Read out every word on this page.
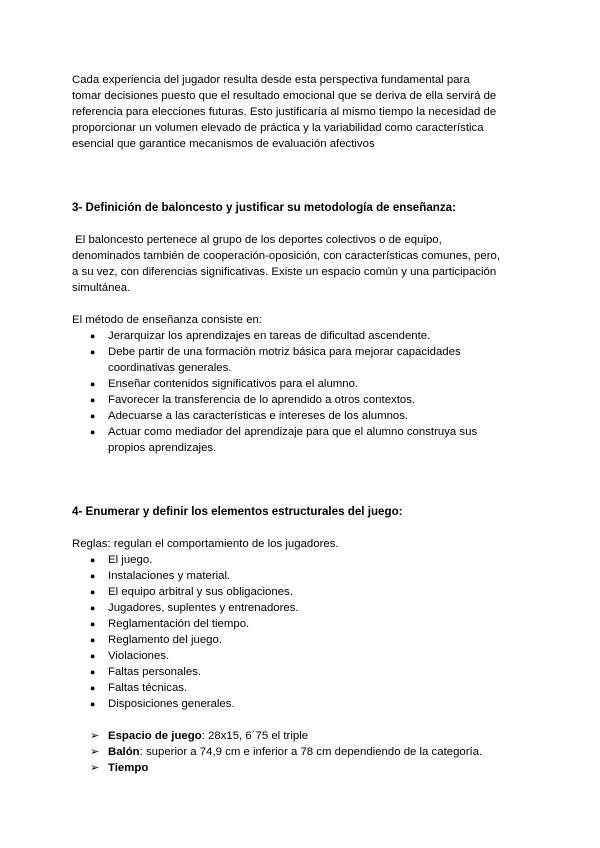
Cada experiencia del jugador resulta desde esta perspectiva fundamental para
tomar decisiones puesto que el resultado emocional que se deriva de ella servirá de
referencia para elecciones futuras. Esto justificaría al mismo tiempo la necesidad de
proporcionar un volumen elevado de práctica y la variabilidad como característica
esencial que garantice mecanismos de evaluación afectivos

3- Definición de baloncesto y justificar su metodología de enseñanza:

El baloncesto pertenece al grupo de los deportes colectivos o de equipo,
denominados también de cooperación-oposición, con características comunes, pero,
a su vez, con diferencias significativas. Existe un espacio común y una participación
simultánea.

El método de enseñanza consiste en:

●	Jerarquizar los aprendizajes en tareas de dificultad ascendente.
●	Debe partir de una formación motriz básica para mejorar capacidades
coordinativas generales.
●	Enseñar contenidos significativos para el alumno.
●	Favorecer la transferencia de lo aprendido a otros contextos.
●	Adecuarse a las características e intereses de los alumnos.
●	Actuar como mediador del aprendizaje para que el alumno construya sus
propios aprendizajes.

4- Enumerar y definir los elementos estructurales del juego:

Reglas: regulan el comportamiento de los jugadores.

●	El juego.
●	Instalaciones y material.
●	El equipo arbitral y sus obligaciones.
●	Jugadores, suplentes y entrenadores.
●	Reglamentación del tiempo.
●	Reglamento del juego.
●	Violaciones.
●	Faltas personales.
●	Faltas técnicas.
●	Disposiciones generales.
➢ Espacio de juego: 28x15, 6´75 el triple
➢ Balón: superior a 74,9 cm e inferior a 78 cm dependiendo de la categoría.
➢ Tiempo
